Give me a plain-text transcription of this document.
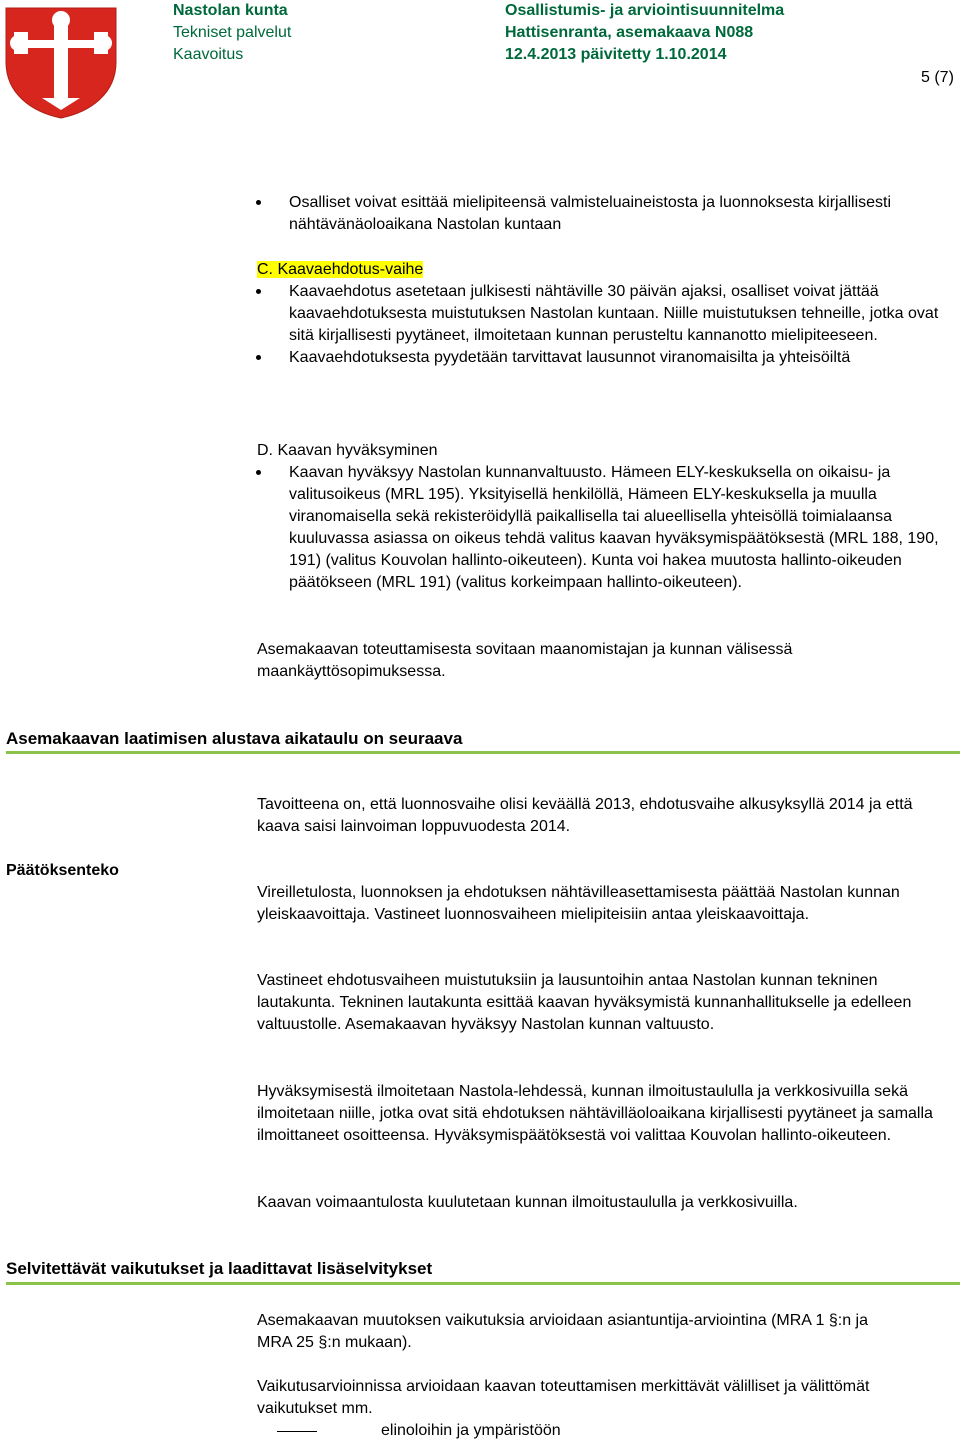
Nastolan kunta
Tekniset palvelut
Kaavoitus
Osallistumis- ja arviointisuunnitelma
Hattisenranta, asemakaava N088
12.4.2013 päivitetty 1.10.2014
5 (7)
Osalliset voivat esittää mielipiteensä valmisteluaineistosta ja luonnoksesta kirjallisesti nähtävänäoloaikana Nastolan kuntaan
C. Kaavaehdotus-vaihe
Kaavaehdotus asetetaan julkisesti nähtäville 30 päivän ajaksi, osalliset voivat jättää kaavaehdotuksesta muistutuksen Nastolan kuntaan. Niille muistutuksen tehneille, jotka ovat sitä kirjallisesti pyytäneet, ilmoitetaan kunnan perusteltu kannanotto mielipiteeseen.
Kaavaehdotuksesta pyydetään tarvittavat lausunnot viranomaisilta ja yhteisöiltä
D. Kaavan hyväksyminen
Kaavan hyväksyy Nastolan kunnanvaltuusto. Hämeen ELY-keskuksella on oikaisu- ja valitusoikeus (MRL 195). Yksityisellä henkilöllä, Hämeen ELY-keskuksella ja muulla viranomaisella sekä rekisteröidyllä paikallisella tai alueellisella yhteisöllä toimialaansa kuuluvassa asiassa on oikeus tehdä valitus kaavan hyväksymispäätöksestä (MRL 188, 190, 191) (valitus Kouvolan hallinto-oikeuteen). Kunta voi hakea muutosta hallinto-oikeuden päätökseen (MRL 191) (valitus korkeimpaan hallinto-oikeuteen).

Asemakaavan toteuttamisesta sovitaan maanomistajan ja kunnan välisessä maankäyttösopimuksessa.

Asemakaavan laatimisen alustava aikataulu on seuraava

Tavoitteena on, että luonnosvaihe olisi keväällä 2013, ehdotusvaihe alkusyksyllä 2014 ja että kaava saisi lainvoiman loppuvuodesta 2014.

Päätöksenteko

Vireilletulosta, luonnoksen ja ehdotuksen nähtävilleasettamisesta päättää Nastolan kunnan yleiskaavoittaja. Vastineet luonnosvaiheen mielipiteisiin antaa yleiskaavoittaja.

Vastineet ehdotusvaiheen muistutuksiin ja lausuntoihin antaa Nastolan kunnan tekninen lautakunta. Tekninen lautakunta esittää kaavan hyväksymistä kunnanhallitukselle ja edelleen valtuustolle. Asemakaavan hyväksyy Nastolan kunnan valtuusto.

Hyväksymisestä ilmoitetaan Nastola-lehdessä, kunnan ilmoitustaululla ja verkkosivuilla sekä ilmoitetaan niille, jotka ovat sitä ehdotuksen nähtävilläoloaikana kirjallisesti pyytäneet ja samalla ilmoittaneet osoitteensa. Hyväksymispäätöksestä voi valittaa Kouvolan hallinto-oikeuteen.

Kaavan voimaantulosta kuulutetaan kunnan ilmoitustaululla ja verkkosivuilla.

Selvitettävät vaikutukset ja laadittavat lisäselvitykset

Asemakaavan muutoksen vaikutuksia arvioidaan asiantuntija-arviointina (MRA 1 §:n ja MRA 25 §:n mukaan).

Vaikutusarvioinnissa arvioidaan kaavan toteuttamisen merkittävät välilliset ja välittömät vaikutukset mm.

elinoloihin ja ympäristöön
